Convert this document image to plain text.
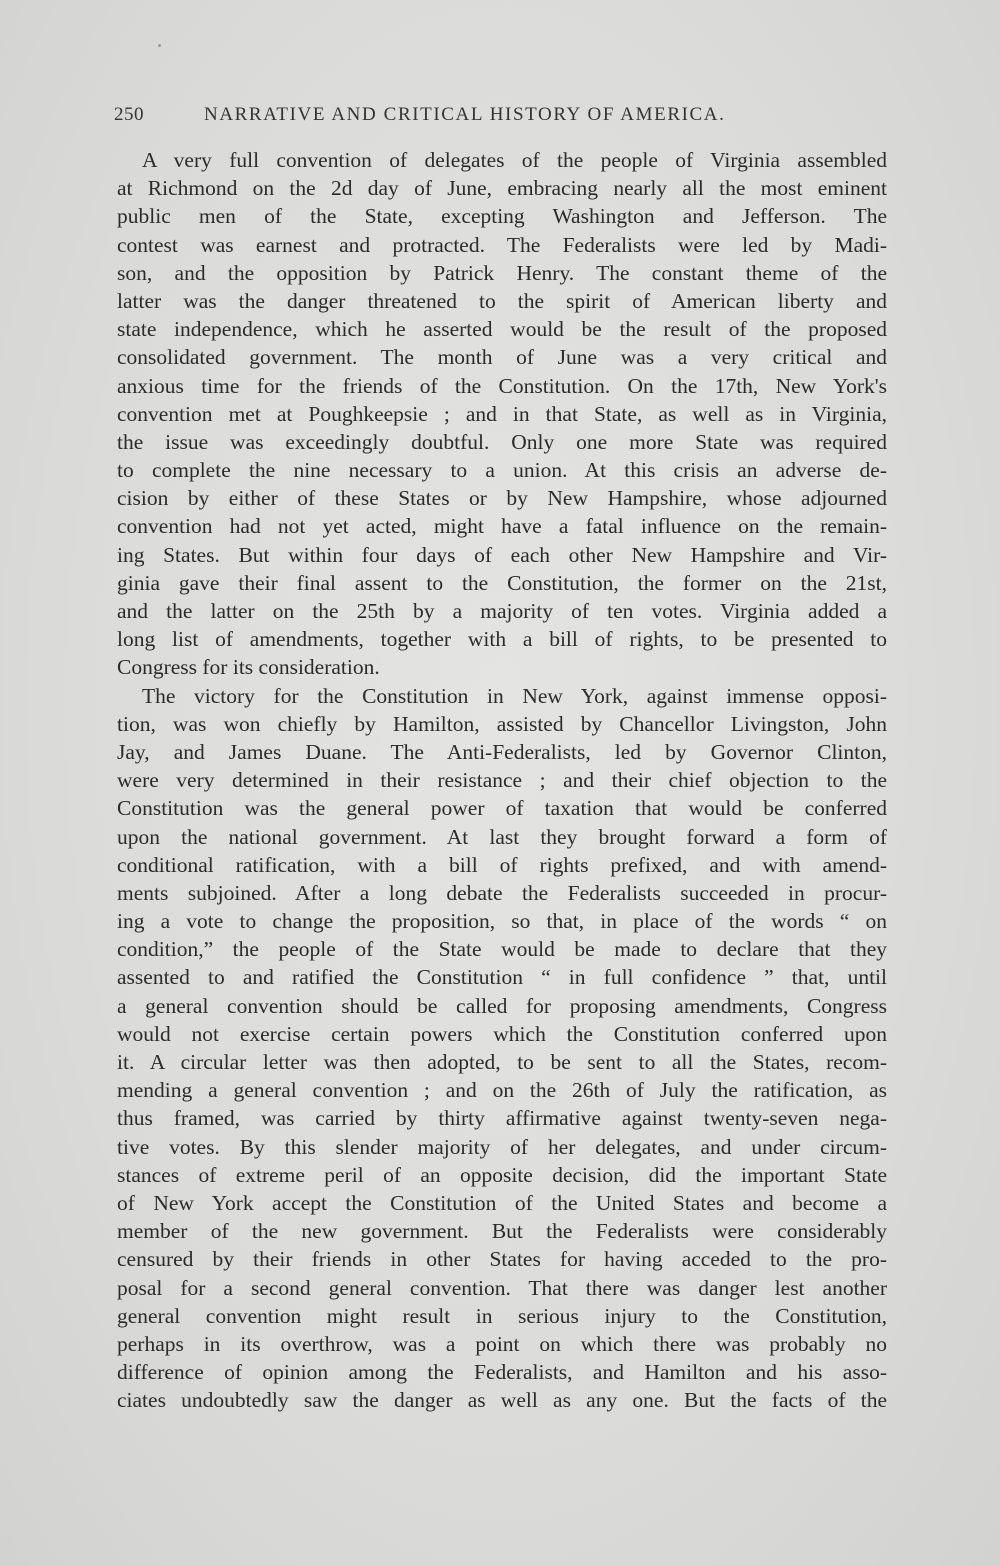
250	NARRATIVE AND CRITICAL HISTORY OF AMERICA.
A very full convention of delegates of the people of Virginia assembled
at Richmond on the 2d day of June, embracing nearly all the most eminent
public men of the State, excepting Washington and Jefferson. The
contest was earnest and protracted. The Federalists were led by Madi-
son, and the opposition by Patrick Henry. The constant theme of the
latter was the danger threatened to the spirit of American liberty and
state independence, which he asserted would be the result of the proposed
consolidated government. The month of June was a very critical and
anxious time for the friends of the Constitution. On the 17th, New York's
convention met at Poughkeepsie ; and in that State, as well as in Virginia,
the issue was exceedingly doubtful. Only one more State was required
to complete the nine necessary to a union. At this crisis an adverse de-
cision by either of these States or by New Hampshire, whose adjourned
convention had not yet acted, might have a fatal influence on the remain-
ing States. But within four days of each other New Hampshire and Vir-
ginia gave their final assent to the Constitution, the former on the 21st,
and the latter on the 25th by a majority of ten votes. Virginia added a
long list of amendments, together with a bill of rights, to be presented to
Congress for its consideration.
The victory for the Constitution in New York, against immense opposi-
tion, was won chiefly by Hamilton, assisted by Chancellor Livingston, John
Jay, and James Duane. The Anti-Federalists, led by Governor Clinton,
were very determined in their resistance ; and their chief objection to the
Constitution was the general power of taxation that would be conferred
upon the national government. At last they brought forward a form of
conditional ratification, with a bill of rights prefixed, and with amend-
ments subjoined. After a long debate the Federalists succeeded in procur-
ing a vote to change the proposition, so that, in place of the words “ on
condition,” the people of the State would be made to declare that they
assented to and ratified the Constitution “ in full confidence ” that, until
a general convention should be called for proposing amendments, Congress
would not exercise certain powers which the Constitution conferred upon
it. A circular letter was then adopted, to be sent to all the States, recom-
mending a general convention ; and on the 26th of July the ratification, as
thus framed, was carried by thirty affirmative against twenty-seven nega-
tive votes. By this slender majority of her delegates, and under circum-
stances of extreme peril of an opposite decision, did the important State
of New York accept the Constitution of the United States and become a
member of the new government. But the Federalists were considerably
censured by their friends in other States for having acceded to the pro-
posal for a second general convention. That there was danger lest another
general convention might result in serious injury to the Constitution,
perhaps in its overthrow, was a point on which there was probably no
difference of opinion among the Federalists, and Hamilton and his asso-
ciates undoubtedly saw the danger as well as any one. But the facts of the
